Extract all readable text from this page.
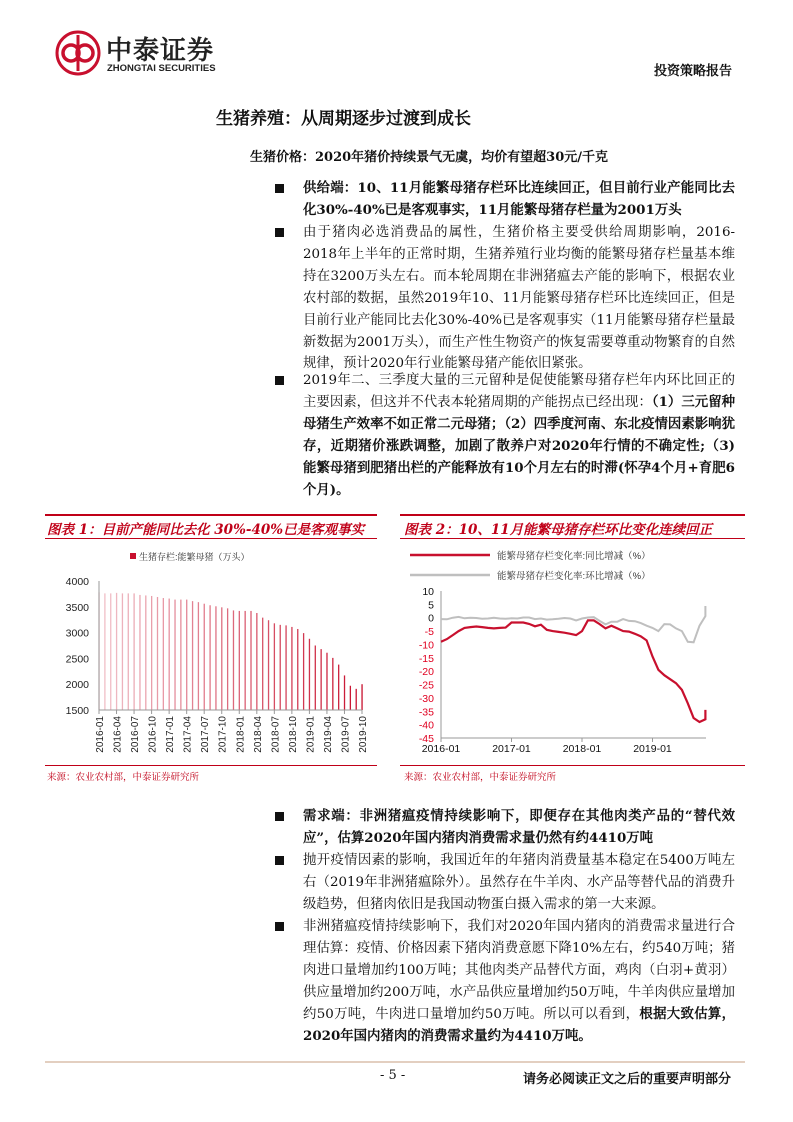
中泰证券
ZHONGTAI SECURITIES	投资策略报告
生猪养殖：从周期逐步过渡到成长
生猪价格：2020年猪价持续景气无虞，均价有望超30元/千克
供给端：10、11月能繁母猪存栏环比连续回正，但目前行业产能同比去化30%-40%已是客观事实，11月能繁母猪存栏量为2001万头
由于猪肉必选消费品的属性，生猪价格主要受供给周期影响，2016-2018年上半年的正常时期，生猪养殖行业均衡的能繁母猪存栏量基本维持在3200万头左右。而本轮周期在非洲猪瘟去产能的影响下，根据农业农村部的数据，虽然2019年10、11月能繁母猪存栏环比连续回正，但是目前行业产能同比去化30%-40%已是客观事实（11月能繁母猪存栏量最新数据为2001万头），而生产性生物资产的恢复需要尊重动物繁育的自然规律，预计2020年行业能繁母猪产能依旧紧张。
2019年二、三季度大量的三元留种是促使能繁母猪存栏年内环比回正的主要因素，但这并不代表本轮猪周期的产能拐点已经出现：（1）三元留种母猪生产效率不如正常二元母猪；（2）四季度河南、东北疫情因素影响犹存，近期猪价涨跌调整，加剧了散养户对2020年行情的不确定性;（3)能繁母猪到肥猪出栏的产能释放有10个月左右的时滞(怀孕4个月+育肥6个月)。
图表 1：目前产能同比去化 30%-40%已是客观事实
生猪存栏:能繁母猪（万头）
4000
3500
3000
2500
2000
1500
2016-01 2016-04 2016-07 2016-10 2017-01 2017-04 2017-07 2017-10 2018-01 2018-04 2018-07 2018-10 2019-01 2019-04 2019-07 2019-10
来源：农业农村部，中泰证券研究所
图表 2：10、11月能繁母猪存栏环比变化连续回正
能繁母猪存栏变化率:同比增减（%）
能繁母猪存栏变化率:环比增减（%）
10
5
0
-5
-10
-15
-20
-25
-30
-35
-40
-45
2016-01	2017-01	2018-01	2019-01
来源：农业农村部，中泰证券研究所
需求端：非洲猪瘟疫情持续影响下，即便存在其他肉类产品的“替代效应”，估算2020年国内猪肉消费需求量仍然有约4410万吨
抛开疫情因素的影响，我国近年的年猪肉消费量基本稳定在5400万吨左右（2019年非洲猪瘟除外）。虽然存在牛羊肉、水产品等替代品的消费升级趋势，但猪肉依旧是我国动物蛋白摄入需求的第一大来源。
非洲猪瘟疫情持续影响下，我们对2020年国内猪肉的消费需求量进行合理估算：疫情、价格因素下猪肉消费意愿下降10%左右，约540万吨；猪肉进口量增加约100万吨；其他肉类产品替代方面，鸡肉（白羽+黄羽）供应量增加约200万吨，水产品供应量增加约50万吨，牛羊肉供应量增加约50万吨，牛肉进口量增加约50万吨。所以可以看到，根据大致估算，2020年国内猪肉的消费需求量约为4410万吨。
- 5 -	请务必阅读正文之后的重要声明部分
